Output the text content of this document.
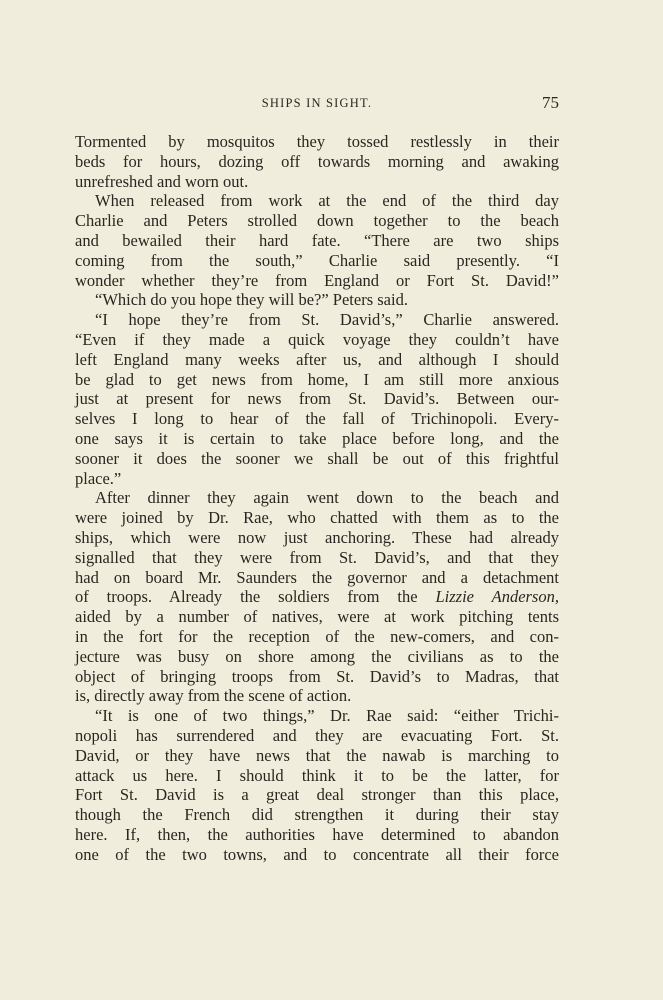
SHIPS IN SIGHT.	75
Tormented by mosquitos they tossed restlessly in their
beds for hours, dozing off towards morning and awaking
unrefreshed and worn out.
When released from work at the end of the third day
Charlie and Peters strolled down together to the beach
and bewailed their hard fate. “There are two ships
coming from the south,” Charlie said presently. “I
wonder whether they’re from England or Fort St. David!”
“Which do you hope they will be?” Peters said.
“I hope they’re from St. David’s,” Charlie answered.
“Even if they made a quick voyage they couldn’t have
left England many weeks after us, and although I should
be glad to get news from home, I am still more anxious
just at present for news from St. David’s. Between our-
selves I long to hear of the fall of Trichinopoli. Every-
one says it is certain to take place before long, and the
sooner it does the sooner we shall be out of this frightful
place.”
After dinner they again went down to the beach and
were joined by Dr. Rae, who chatted with them as to the
ships, which were now just anchoring. These had already
signalled that they were from St. David’s, and that they
had on board Mr. Saunders the governor and a detachment
of troops. Already the soldiers from the Lizzie Anderson,
aided by a number of natives, were at work pitching tents
in the fort for the reception of the new-comers, and con-
jecture was busy on shore among the civilians as to the
object of bringing troops from St. David’s to Madras, that
is, directly away from the scene of action.
“It is one of two things,” Dr. Rae said: “either Trichi-
nopoli has surrendered and they are evacuating Fort. St.
David, or they have news that the nawab is marching to
attack us here. I should think it to be the latter, for
Fort St. David is a great deal stronger than this place,
though the French did strengthen it during their stay
here. If, then, the authorities have determined to abandon
one of the two towns, and to concentrate all their force
